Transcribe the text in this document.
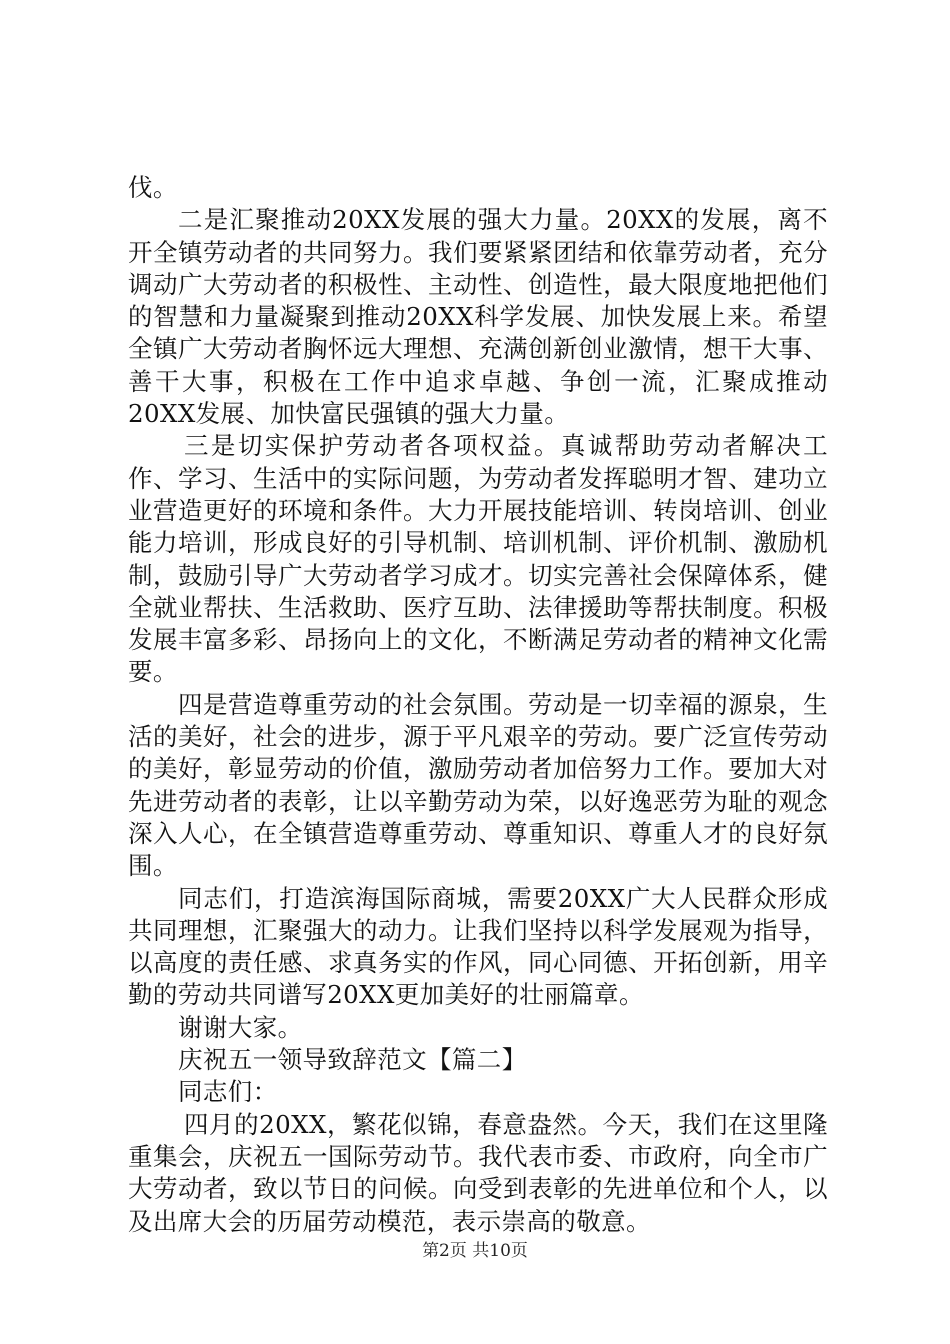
伐。

二是汇聚推动20XX发展的强大力量。20XX的发展，离不开全镇劳动者的共同努力。我们要紧紧团结和依靠劳动者，充分调动广大劳动者的积极性、主动性、创造性，最大限度地把他们的智慧和力量凝聚到推动20XX科学发展、加快发展上来。希望全镇广大劳动者胸怀远大理想、充满创新创业激情，想干大事、善干大事，积极在工作中追求卓越、争创一流，汇聚成推动20XX发展、加快富民强镇的强大力量。

三是切实保护劳动者各项权益。真诚帮助劳动者解决工作、学习、生活中的实际问题，为劳动者发挥聪明才智、建功立业营造更好的环境和条件。大力开展技能培训、转岗培训、创业能力培训，形成良好的引导机制、培训机制、评价机制、激励机制，鼓励引导广大劳动者学习成才。切实完善社会保障体系，健全就业帮扶、生活救助、医疗互助、法律援助等帮扶制度。积极发展丰富多彩、昂扬向上的文化，不断满足劳动者的精神文化需要。

四是营造尊重劳动的社会氛围。劳动是一切幸福的源泉，生活的美好，社会的进步，源于平凡艰辛的劳动。要广泛宣传劳动的美好，彰显劳动的价值，激励劳动者加倍努力工作。要加大对先进劳动者的表彰，让以辛勤劳动为荣，以好逸恶劳为耻的观念深入人心，在全镇营造尊重劳动、尊重知识、尊重人才的良好氛围。

同志们，打造滨海国际商城，需要20XX广大人民群众形成共同理想，汇聚强大的动力。让我们坚持以科学发展观为指导，以高度的责任感、求真务实的作风，同心同德、开拓创新，用辛勤的劳动共同谱写20XX更加美好的壮丽篇章。

谢谢大家。

庆祝五一领导致辞范文【篇二】

同志们：

四月的20XX，繁花似锦，春意盎然。今天，我们在这里隆重集会，庆祝五一国际劳动节。我代表市委、市政府，向全市广大劳动者，致以节日的问候。向受到表彰的先进单位和个人，以及出席大会的历届劳动模范，表示崇高的敬意。

第2页 共10页
